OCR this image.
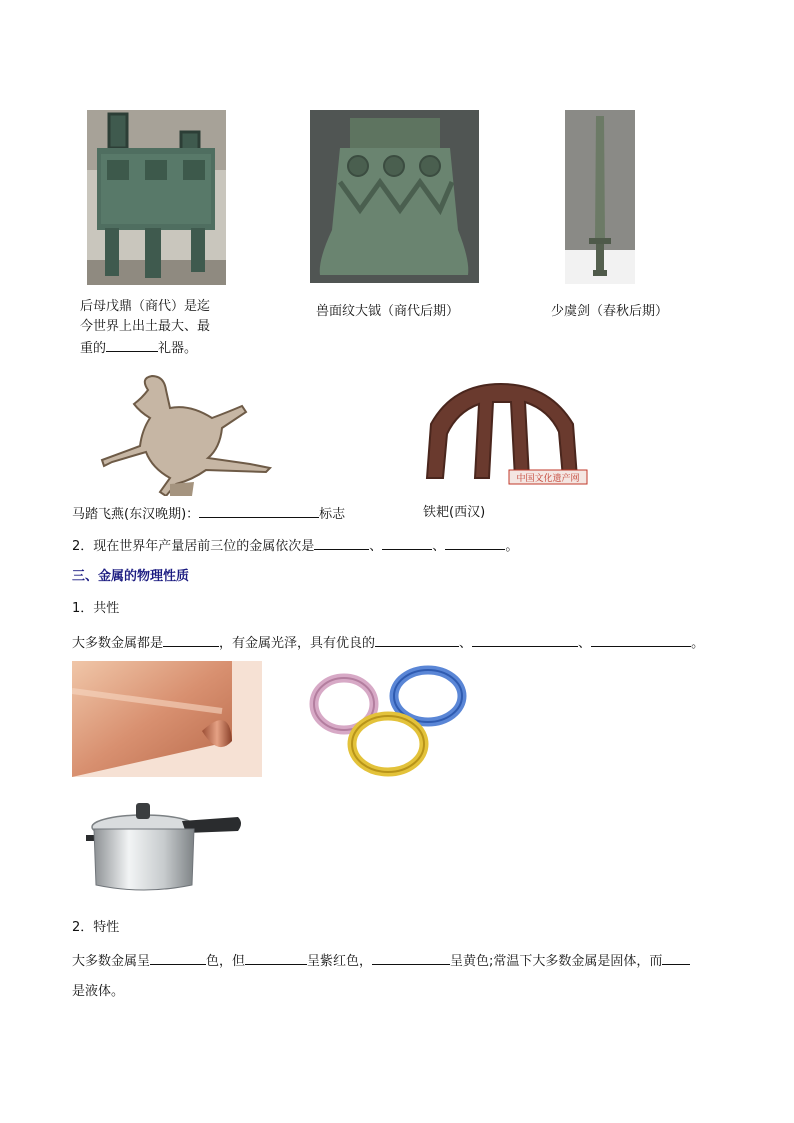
后母戊鼎（商代）是迄
今世界上出土最大、最
重的	礼器。
兽面纹大钺（商代后期）	少虞剑（春秋后期）
中国文化遗产网
马踏飞燕(东汉晚期)：	标志	铁耙(西汉)
2．现在世界年产量居前三位的金属依次是	、	、	。
三、金属的物理性质
1．共性
大多数金属都是	，有金属光泽，具有优良的	、	、	。
2．特性
大多数金属呈	色，但	呈紫红色，	呈黄色;常温下大多数金属是固体，而
是液体。
